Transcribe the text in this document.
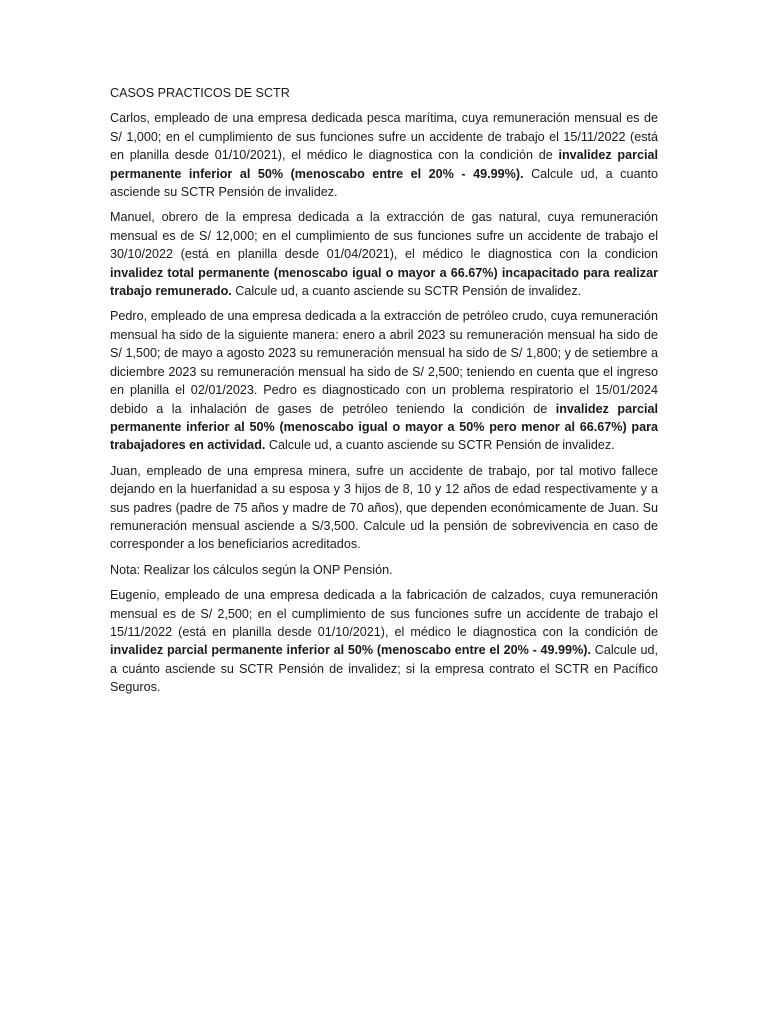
CASOS PRACTICOS DE SCTR

Carlos, empleado de una empresa dedicada pesca marítima, cuya remuneración mensual es de S/ 1,000; en el cumplimiento de sus funciones sufre un accidente de trabajo el 15/11/2022 (está en planilla desde 01/10/2021), el médico le diagnostica con la condición de invalidez parcial permanente inferior al 50% (menoscabo entre el 20% - 49.99%). Calcule ud, a cuanto asciende su SCTR Pensión de invalidez.

Manuel, obrero de la empresa dedicada a la extracción de gas natural, cuya remuneración mensual es de S/ 12,000; en el cumplimiento de sus funciones sufre un accidente de trabajo el 30/10/2022 (está en planilla desde 01/04/2021), el médico le diagnostica con la condicion invalidez total permanente (menoscabo igual o mayor a 66.67%) incapacitado para realizar trabajo remunerado. Calcule ud, a cuanto asciende su SCTR Pensión de invalidez.

Pedro, empleado de una empresa dedicada a la extracción de petróleo crudo, cuya remuneración mensual ha sido de la siguiente manera: enero a abril 2023 su remuneración mensual ha sido de S/ 1,500; de mayo a agosto 2023 su remuneración mensual ha sido de S/ 1,800; y de setiembre a diciembre 2023 su remuneración mensual ha sido de S/ 2,500; teniendo en cuenta que el ingreso en planilla el 02/01/2023. Pedro es diagnosticado con un problema respiratorio el 15/01/2024 debido a la inhalación de gases de petróleo teniendo la condición de invalidez parcial permanente inferior al 50% (menoscabo igual o mayor a 50% pero menor al 66.67%) para trabajadores en actividad. Calcule ud, a cuanto asciende su SCTR Pensión de invalidez.

Juan, empleado de una empresa minera, sufre un accidente de trabajo, por tal motivo fallece dejando en la huerfanidad a su esposa y 3 hijos de 8, 10 y 12 años de edad respectivamente y a sus padres (padre de 75 años y madre de 70 años), que dependen económicamente de Juan. Su remuneración mensual asciende a S/3,500. Calcule ud la pensión de sobrevivencia en caso de corresponder a los beneficiarios acreditados.

Nota: Realizar los cálculos según la ONP Pensión.

Eugenio, empleado de una empresa dedicada a la fabricación de calzados, cuya remuneración mensual es de S/ 2,500; en el cumplimiento de sus funciones sufre un accidente de trabajo el 15/11/2022 (está en planilla desde 01/10/2021), el médico le diagnostica con la condición de invalidez parcial permanente inferior al 50% (menoscabo entre el 20% - 49.99%). Calcule ud, a cuánto asciende su SCTR Pensión de invalidez; si la empresa contrato el SCTR en Pacífico Seguros.
